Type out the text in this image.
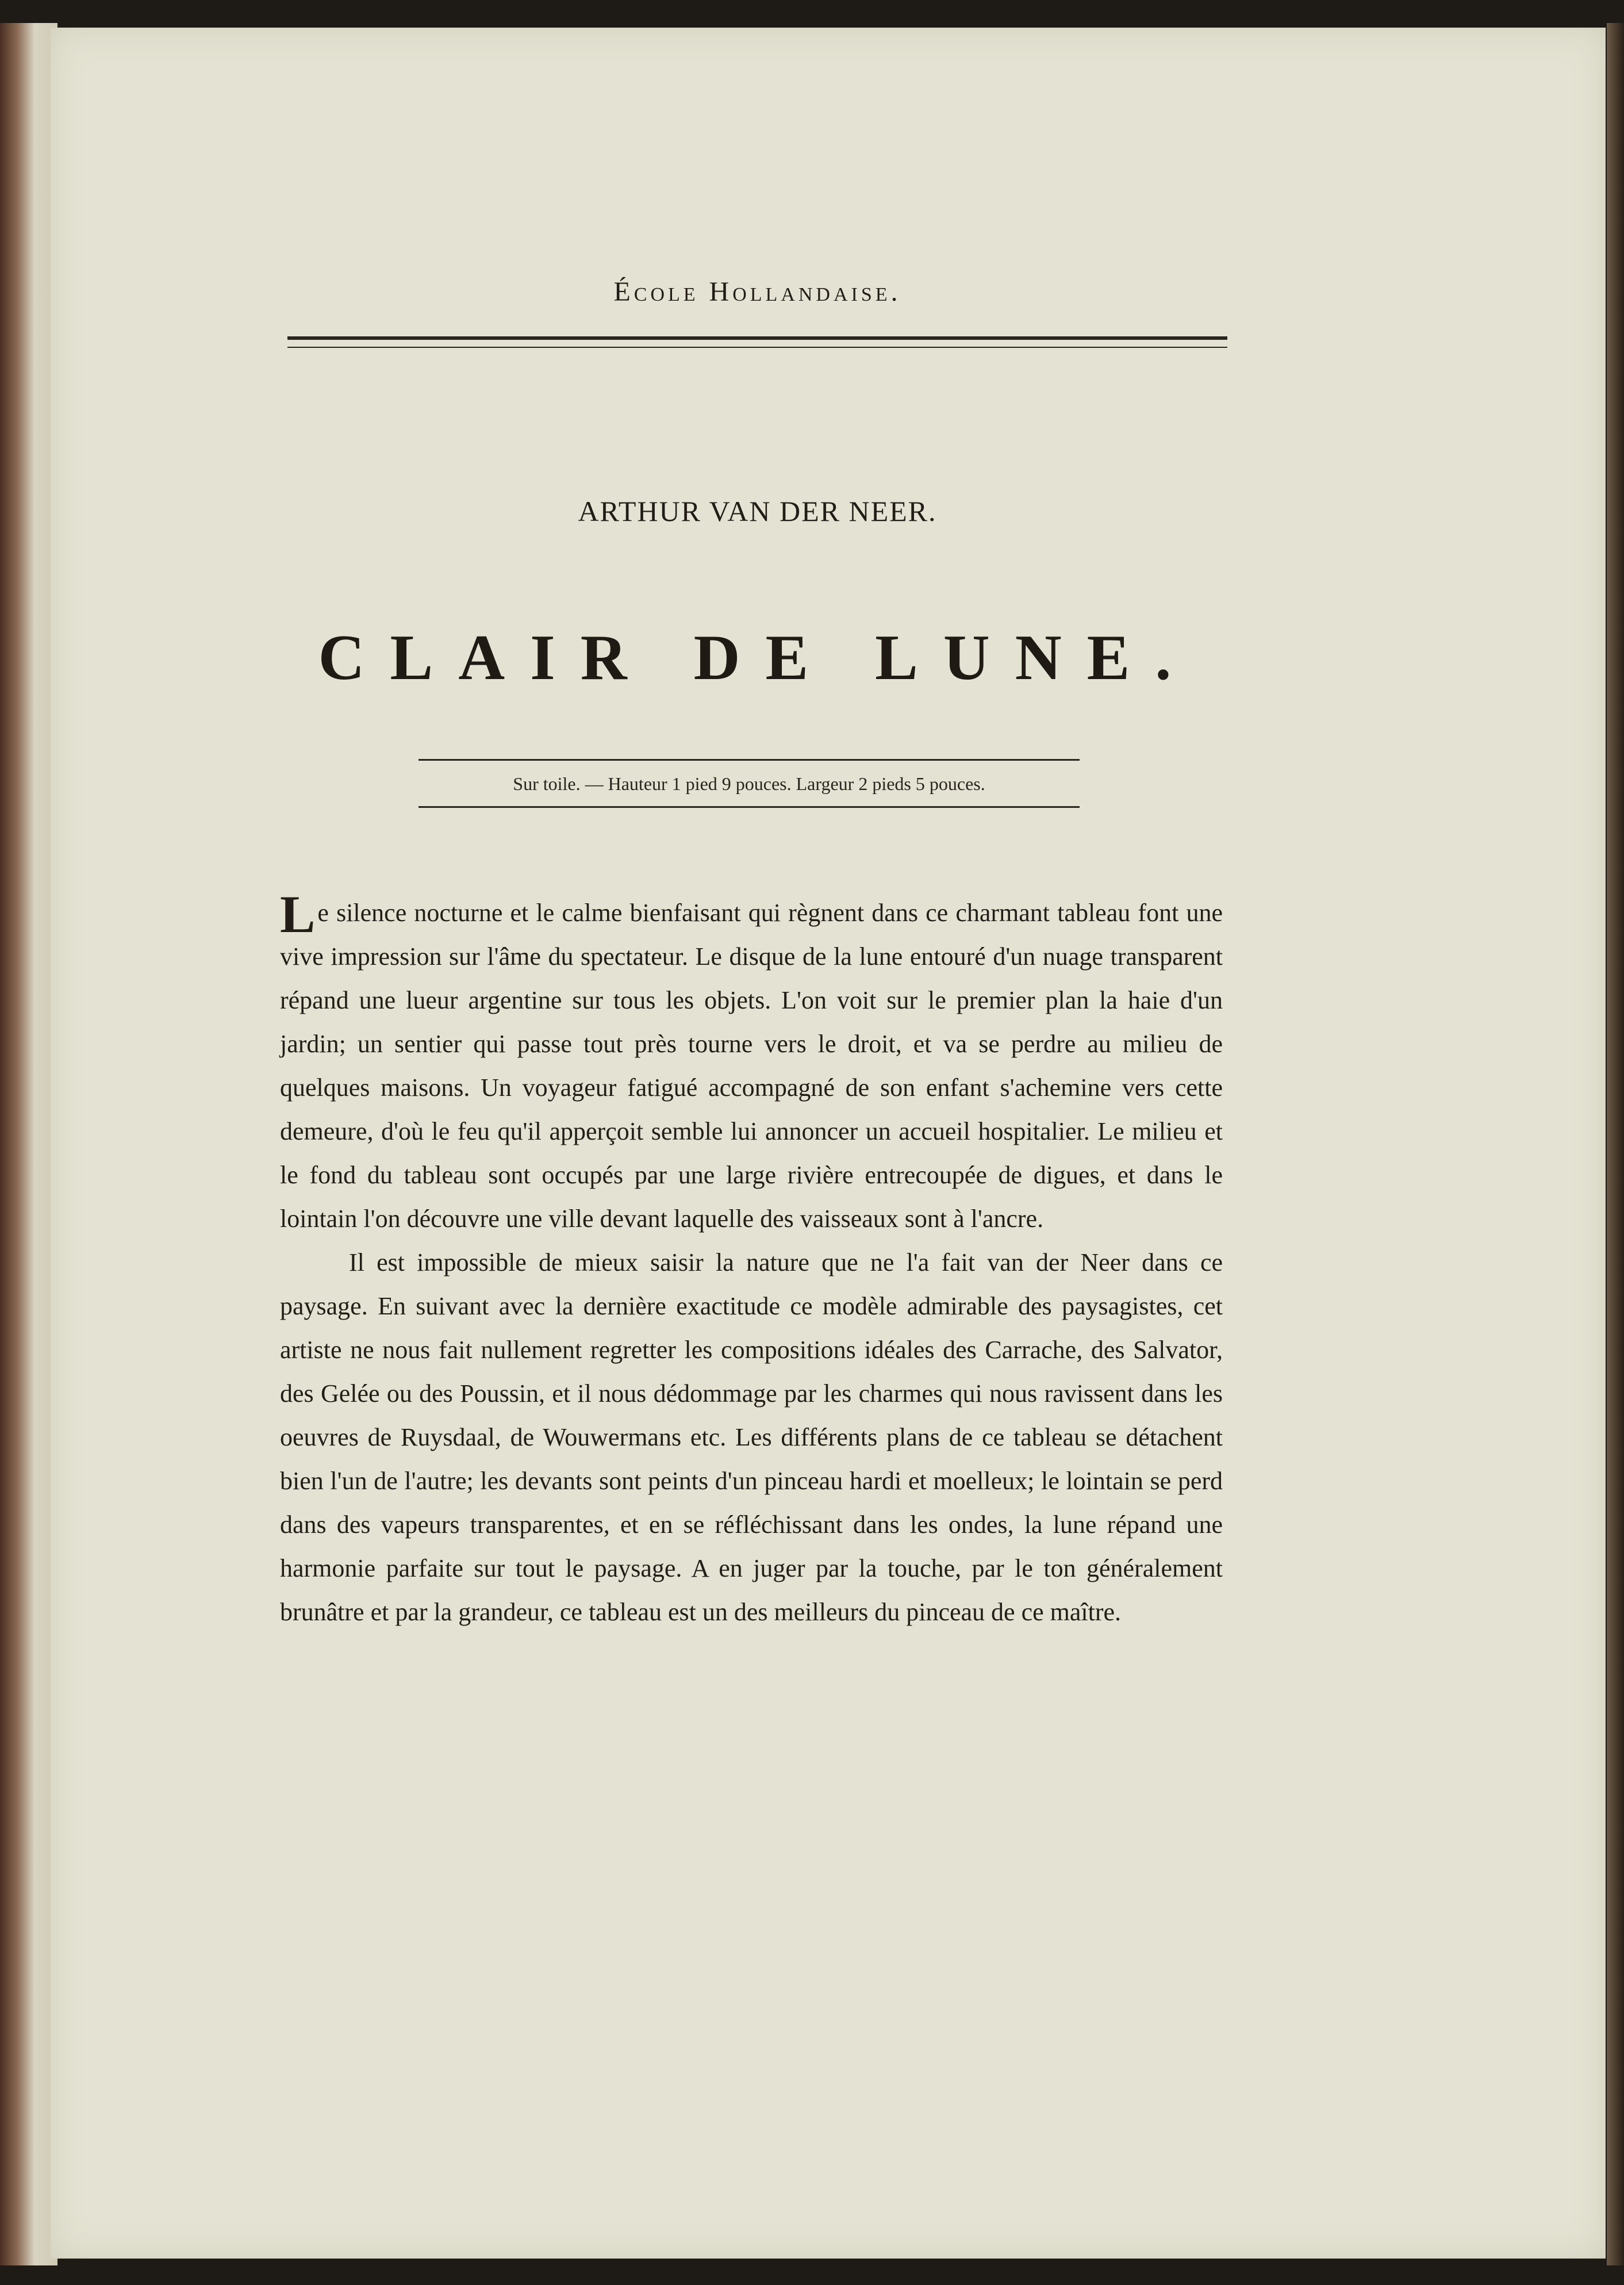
École Hollandaise.
ARTHUR VAN DER NEER.
CLAIR DE LUNE.
Sur toile. — Hauteur 1 pied 9 pouces. Largeur 2 pieds 5 pouces.

Le silence nocturne et le calme bienfaisant qui règnent dans ce charmant tableau font une vive impression sur l'âme du spectateur. Le disque de la lune entouré d'un nuage transparent répand une lueur argentine sur tous les objets. L'on voit sur le premier plan la haie d'un jardin; un sentier qui passe tout près tourne vers le droit, et va se perdre au milieu de quelques maisons. Un voyageur fatigué accompagné de son enfant s'achemine vers cette demeure, d'où le feu qu'il apperçoit semble lui annoncer un accueil hospitalier. Le milieu et le fond du tableau sont occupés par une large rivière entrecoupée de digues, et dans le lointain l'on découvre une ville devant laquelle des vaisseaux sont à l'ancre.

Il est impossible de mieux saisir la nature que ne l'a fait van der Neer dans ce paysage. En suivant avec la dernière exactitude ce modèle admirable des paysagistes, cet artiste ne nous fait nullement regretter les compositions idéales des Carrache, des Salvator, des Gelée ou des Poussin, et il nous dédommage par les charmes qui nous ravissent dans les oeuvres de Ruysdaal, de Wouwermans etc. Les différents plans de ce tableau se détachent bien l'un de l'autre; les devants sont peints d'un pinceau hardi et moelleux; le lointain se perd dans des vapeurs transparentes, et en se réfléchissant dans les ondes, la lune répand une harmonie parfaite sur tout le paysage. A en juger par la touche, par le ton généralement brunâtre et par la grandeur, ce tableau est un des meilleurs du pinceau de ce maître.
